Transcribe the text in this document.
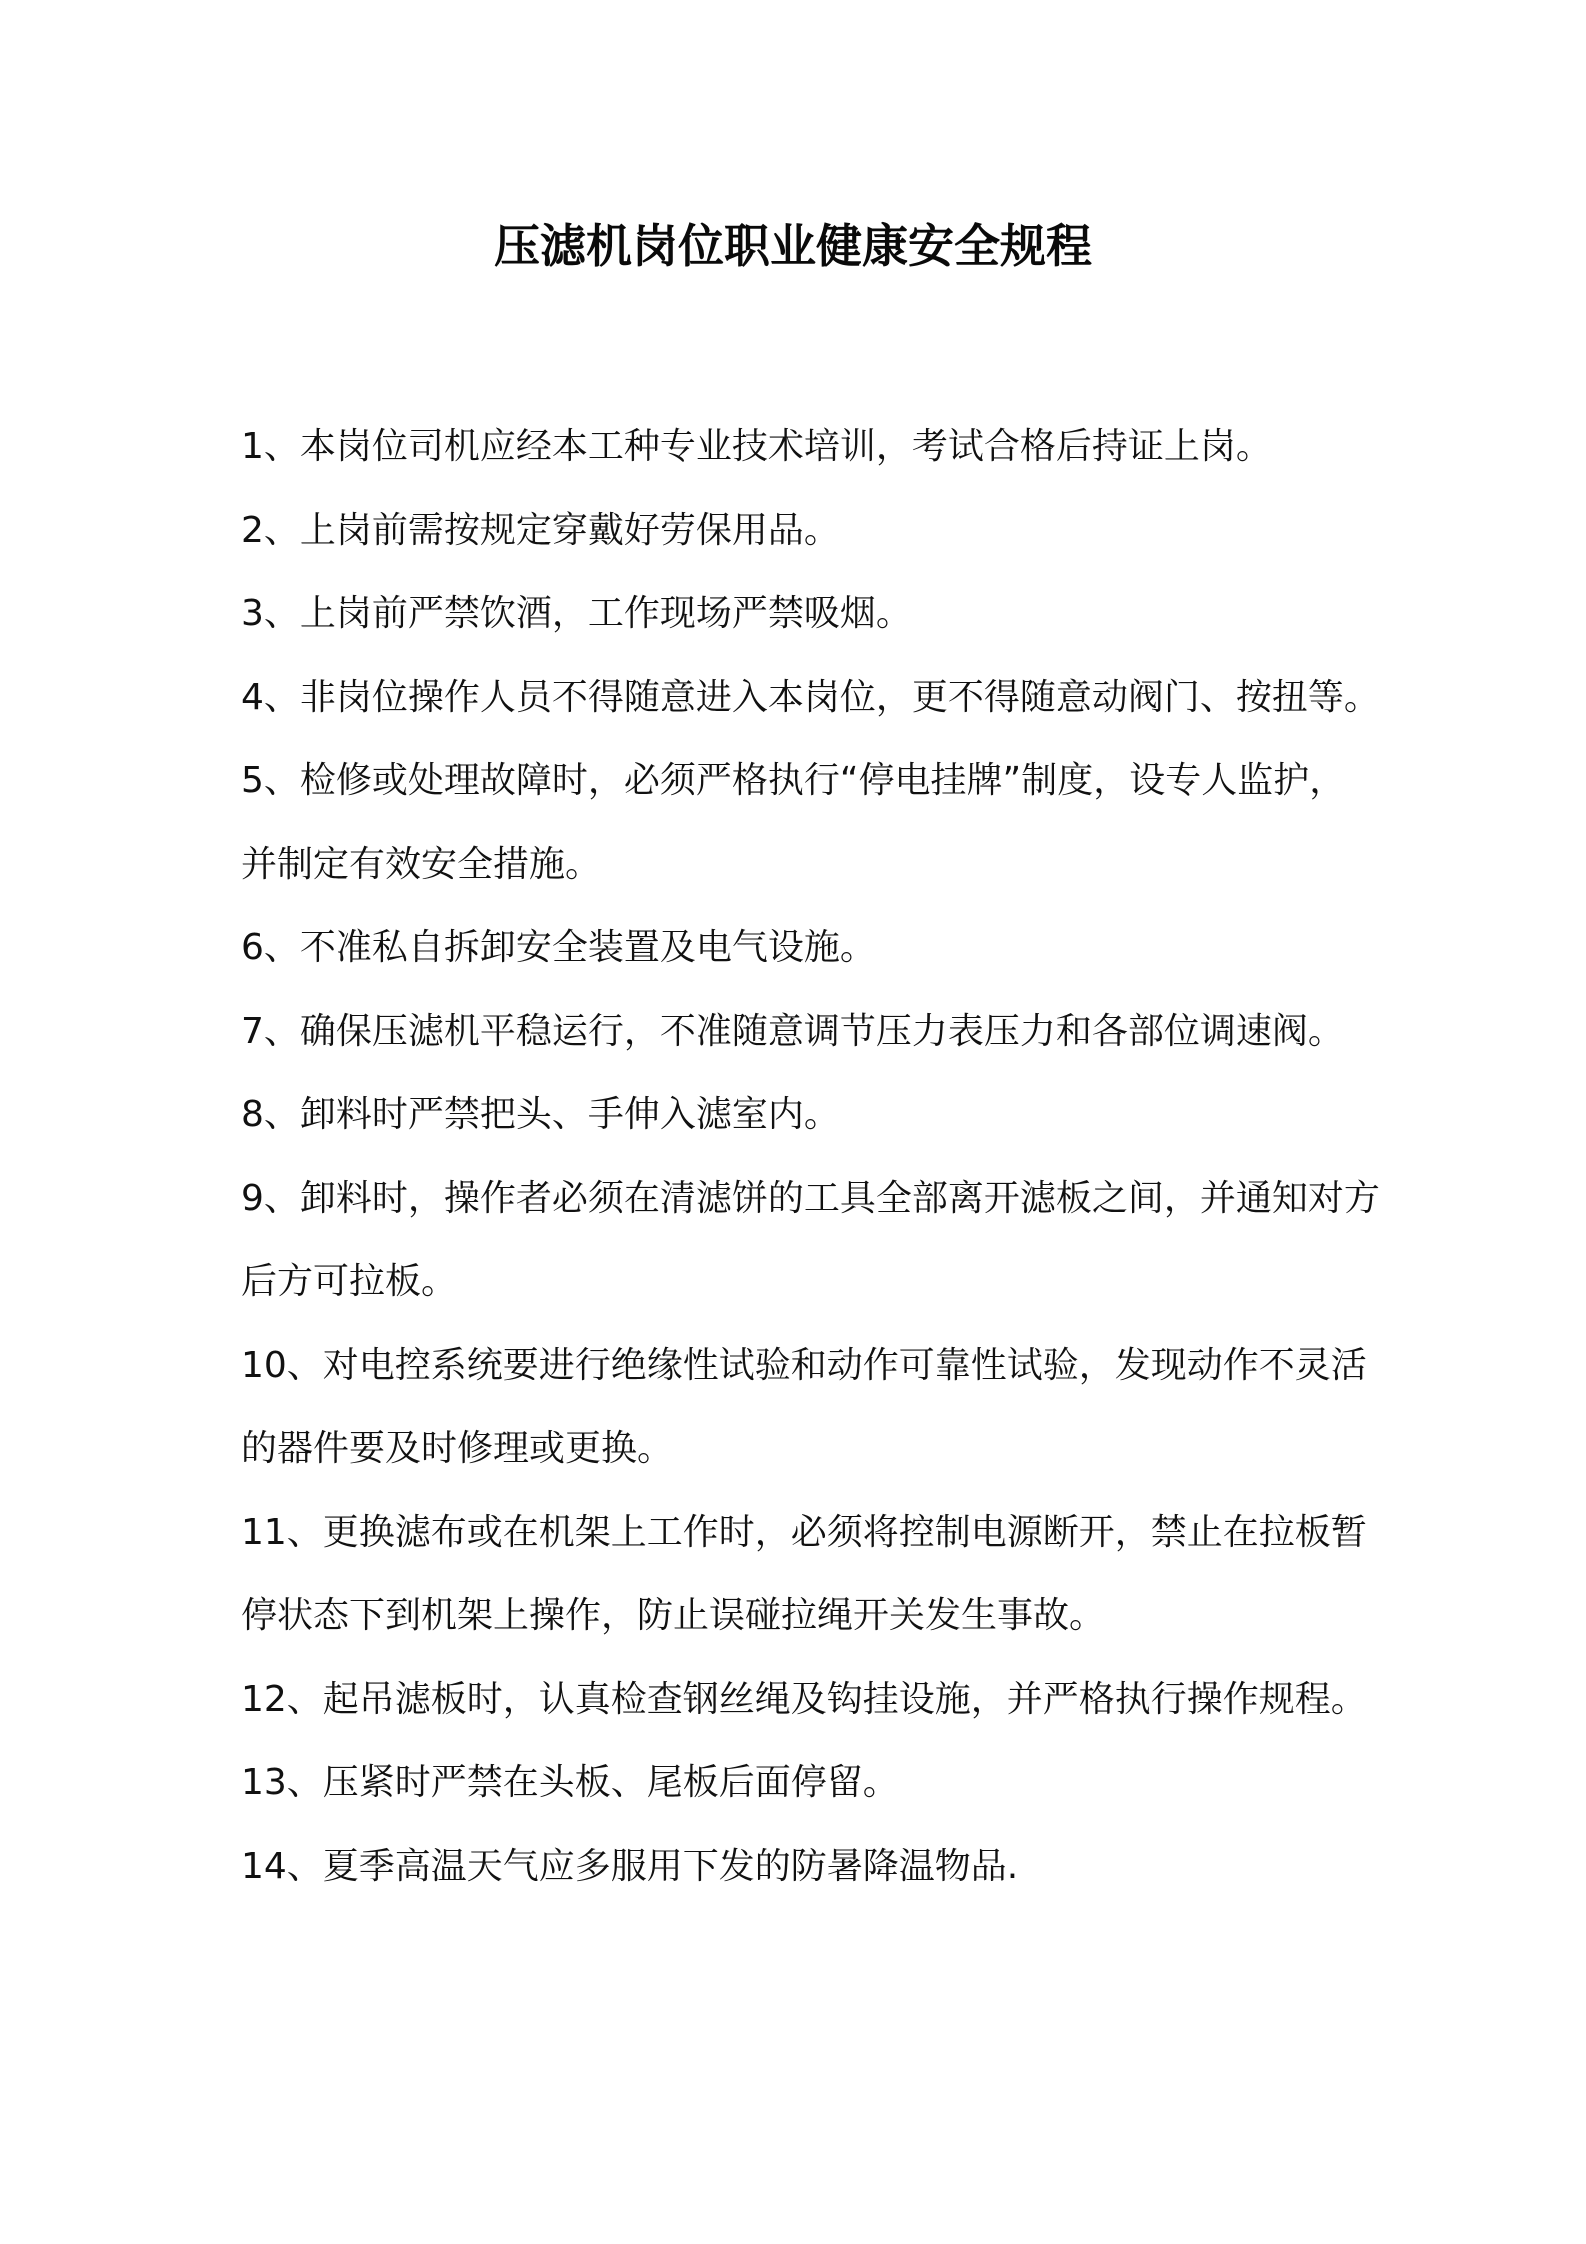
压滤机岗位职业健康安全规程
1、本岗位司机应经本工种专业技术培训，考试合格后持证上岗。
2、上岗前需按规定穿戴好劳保用品。
3、上岗前严禁饮酒，工作现场严禁吸烟。
4、非岗位操作人员不得随意进入本岗位，更不得随意动阀门、按扭等。
5、检修或处理故障时，必须严格执行“停电挂牌”制度，设专人监护，并制定有效安全措施。
6、不准私自拆卸安全装置及电气设施。
7、确保压滤机平稳运行，不准随意调节压力表压力和各部位调速阀。
8、卸料时严禁把头、手伸入滤室内。
9、卸料时，操作者必须在清滤饼的工具全部离开滤板之间，并通知对方后方可拉板。
10、对电控系统要进行绝缘性试验和动作可靠性试验，发现动作不灵活的器件要及时修理或更换。
11、更换滤布或在机架上工作时，必须将控制电源断开，禁止在拉板暂停状态下到机架上操作，防止误碰拉绳开关发生事故。
12、起吊滤板时，认真检查钢丝绳及钩挂设施，并严格执行操作规程。
13、压紧时严禁在头板、尾板后面停留。
14、夏季高温天气应多服用下发的防暑降温物品.
